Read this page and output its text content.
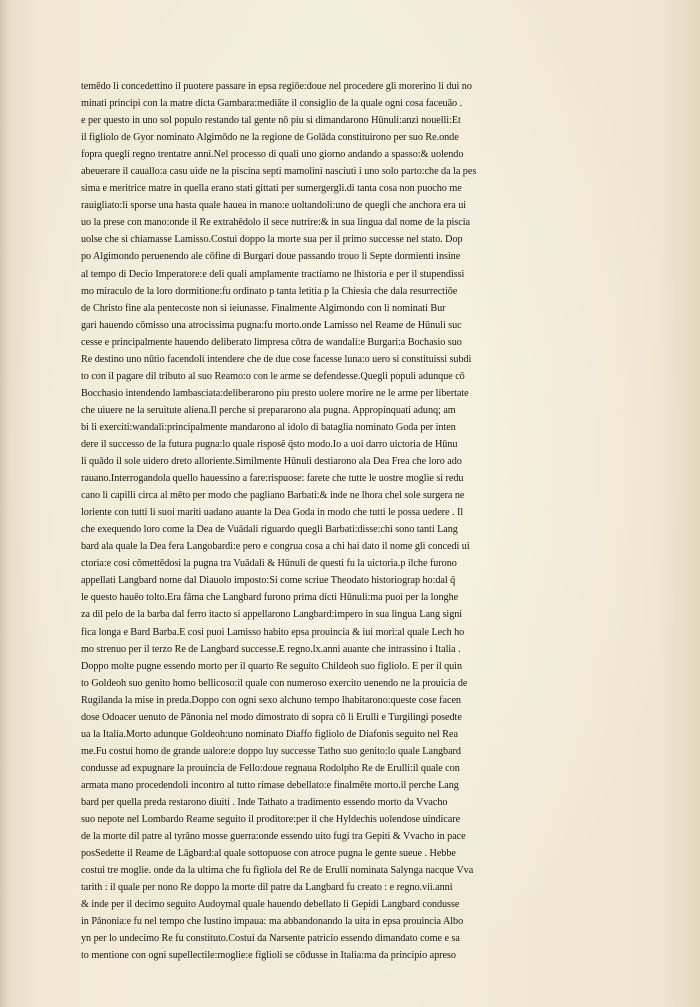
temēdo li concedettino il puotere passare in epsa regiōe:doue nel procedere gli morerino li dui no
minati principi con la matre dicta Gambara:mediāte il consiglio de la quale ogni cosa faceuāo .
e per questo in uno sol populo restando tal gente nō piu si dimandarono Hūnuli:anzi nouelli:Et
il figliolo de Gyor nominato Algimōdo ne la regione de Golāda constituirono per suo Re.onde
fopra quegli regno trentatre anni.Nel processo di quali uno giorno andando a spasso:& uolendo
abeuerare il cauallo:a casu uide ne la piscina septi mamolini nasciuti i uno solo parto:che da la pes
sima e meritrice matre in quella erano stati gittati per sumergergli.di tanta cosa non puocho me
rauigliato:li sporse una hasta quale hauea in mano:e uoltandoli:uno de quegli che anchora era ui
uo la prese con mano:onde il Re extrahēdolo il sece nutrire:& in sua lingua dal nome de la piscia
uolse che si chiamasse Lamisso.Costui doppo la morte sua per il primo successe nel stato. Dop
po Algimondo peruenendo ale cōfine di Burgari doue passando trouo li Septe dormienti insine
al tempo di Decio Imperatore:e deli quali amplamente tractiamo ne lhistoria e per il stupendissi
mo miraculo de la loro dormitione:fu ordinato p tanta letitia p la Chiesia che dala resurrectiōe
de Christo fine ala pentecoste non si ieiunasse. Finalmente Algimondo con li nominati Bur
gari hauendo cōmisso una atrocissima pugna:fu morto.onde Lamisso nel Reame de Hūnuli suc
cesse e principalmente hauendo deliberato limpresa cōtra de wandali:e Burgari:a Bochasio suo
Re destino uno nūtio facendoli intendere che de due cose facesse luna:o uero si constituissi subdi
to con il pagare dil tributo al suo Reamo:o con le arme se defendesse.Quegli populi adunque cō
Bocchasio intendendo lambasciata:deliberarono piu presto uolere morire ne le arme per libertate
che uiuere ne la seruitute aliena.Il perche si prepararono ala pugna. Appropinquati adunq; am
bi li exerciti:wandali:principalmente mandarono al idolo di bataglia nominato Goda per inten
dere il successo de la futura pugna:lo quale risposē q̄sto modo.Io a uoi darro uictoria de Hūnu
li quādo il sole uidero dreto alloriente.Similmente Hūnuli destiarono ala Dea Frea che loro ado
rauano.Interrogandola quello hauessino a fare:rispuose: farete che tutte le uostre moglie si redu
cano li capilli circa al mēto per modo che pagliano Barbati:& inde ne lhora chel sole surgera ne
loriente con tutti li suoi mariti uadano auante la Dea Goda in modo che tutti le possa uedere . Il
che exequendo loro come la Dea de Vuādali riguardo quegli Barbati:disse:chi sono tanti Lang
bard ala quale la Dea fera Langobardi:e pero e congrua cosa a chi hai dato il nome gli concedi ui
ctoria:e cosi cōmettēdosi la pugna tra Vuādali & Hūnuli de questi fu la uictoria.p ilche furono
appellati Langbard nome dal Diauolo imposto:Si come scriue Theodato historiograp ho:dal q̄
le questo hauēo tolto.Era fāma che Langbard furono prima dicti Hūnuli:ma puoi per la longhe
za dil pelo de la barba dal ferro itacto si appellarono Langbard:impero in sua lingua Lang signi
fica longa e Bard Barba.E cosi puoi Lamisso habito epsa prouincia & iui morì:al quale Lech ho
mo strenuo per il terzo Re de Langbard successe.E regno.lx.anni auante che intrassino i Italia .
Doppo molte pugne essendo morto per il quarto Re seguito Childeoh suo figliolo. E per il quin
to Goldeoh suo genito homo bellicoso:il quale con numeroso exercito uenendo ne la prouicia de
Rugilanda la mise in preda.Doppo con ogni sexo alchuno tempo lhabitarono:queste cose facen
dose Odoacer uenuto de Pānonia nel modo dimostrato di sopra cō li Erulli e Turgilingi posedte
ua la Italia.Morto adunque Goldeoh:uno nominato Diaffo figliolo de Diafonis seguito nel Rea
me.Fu costui homo de grande ualore:e doppo luy successe Tatho suo genito:lo quale Langbard
condusse ad expugnare la prouincia de Fello:doue regnaua Rodolpho Re de Erulli:il quale con
armata mano procedendoli incontro al tutto rimase debellato:e finalmēte morto.il perche Lang
bard per quella preda restarono diuiti . Inde Tathato a tradimento essendo morto da Vvacho
suo nepote nel Lombardo Reame seguito il proditore:per il che Hyldechis uolendose uindicare
de la morte dil patre al tyrāno mosse guerra:onde essendo uito fugi tra Gepiti & Vvacho in pace
posSedette il Reame de Lāgbard:al quale sottopuose con atroce pugna le gente sueue . Hebbe
costui tre moglie. onde da la ultima che fu figliola del Re de Erulli nominata Salynga nacque Vva
tarith : il quale per nono Re doppo la morte dil patre da Langbard fu creato : e regno.vii.anni
& inde per il decimo seguito Audoymal quale hauendo debellato li Gepidi Langbard condusse
in Pānonia:e fu nel tempo che Iustino impaua: ma abbandonando la uita in epsa prouincia Albo
yn per lo undecimo Re fu constituto.Costui da Narsente patricio essendo dimandato come e sa
to mentione con ogni supellectile:moglie:e figlioli se cōdusse in Italia:ma da principio apreso
